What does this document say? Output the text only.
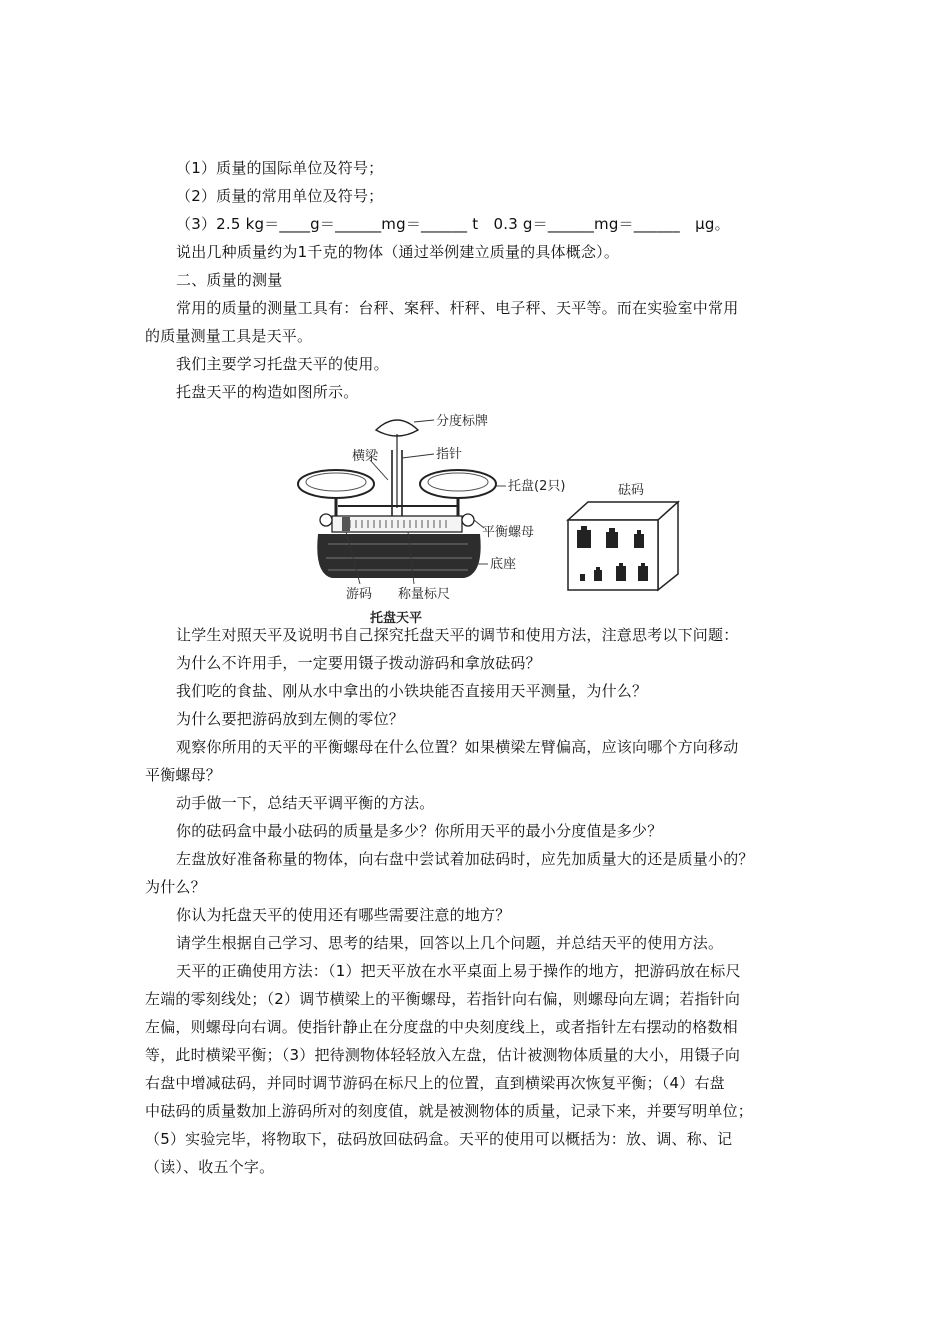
（1）质量的国际单位及符号；
（2）质量的常用单位及符号；
（3）2.5 kg＝____g＝______mg＝______ t　0.3 g＝______mg＝______　μg。
说出几种质量约为1千克的物体（通过举例建立质量的具体概念）。
二、质量的测量
常用的质量的测量工具有：台秤、案秤、杆秤、电子秤、天平等。而在实验室中常用
的质量测量工具是天平。
我们主要学习托盘天平的使用。
托盘天平的构造如图所示。
分度标牌
指针
横梁
托盘(2只)
平衡螺母
底座
游码 称量标尺
托盘天平
砝码
让学生对照天平及说明书自己探究托盘天平的调节和使用方法，注意思考以下问题：
为什么不许用手，一定要用镊子拨动游码和拿放砝码？
我们吃的食盐、刚从水中拿出的小铁块能否直接用天平测量，为什么？
为什么要把游码放到左侧的零位？
观察你所用的天平的平衡螺母在什么位置？如果横梁左臂偏高，应该向哪个方向移动
平衡螺母？
动手做一下，总结天平调平衡的方法。
你的砝码盒中最小砝码的质量是多少？你所用天平的最小分度值是多少？
左盘放好准备称量的物体，向右盘中尝试着加砝码时，应先加质量大的还是质量小的？
为什么？
你认为托盘天平的使用还有哪些需要注意的地方？
请学生根据自己学习、思考的结果，回答以上几个问题，并总结天平的使用方法。
天平的正确使用方法：（1）把天平放在水平桌面上易于操作的地方，把游码放在标尺
左端的零刻线处；（2）调节横梁上的平衡螺母，若指针向右偏，则螺母向左调；若指针向
左偏，则螺母向右调。使指针静止在分度盘的中央刻度线上，或者指针左右摆动的格数相
等，此时横梁平衡；（3）把待测物体轻轻放入左盘，估计被测物体质量的大小，用镊子向
右盘中增减砝码，并同时调节游码在标尺上的位置，直到横梁再次恢复平衡；（4）右盘
中砝码的质量数加上游码所对的刻度值，就是被测物体的质量，记录下来，并要写明单位；
（5）实验完毕，将物取下，砝码放回砝码盒。天平的使用可以概括为：放、调、称、记
（读）、收五个字。
